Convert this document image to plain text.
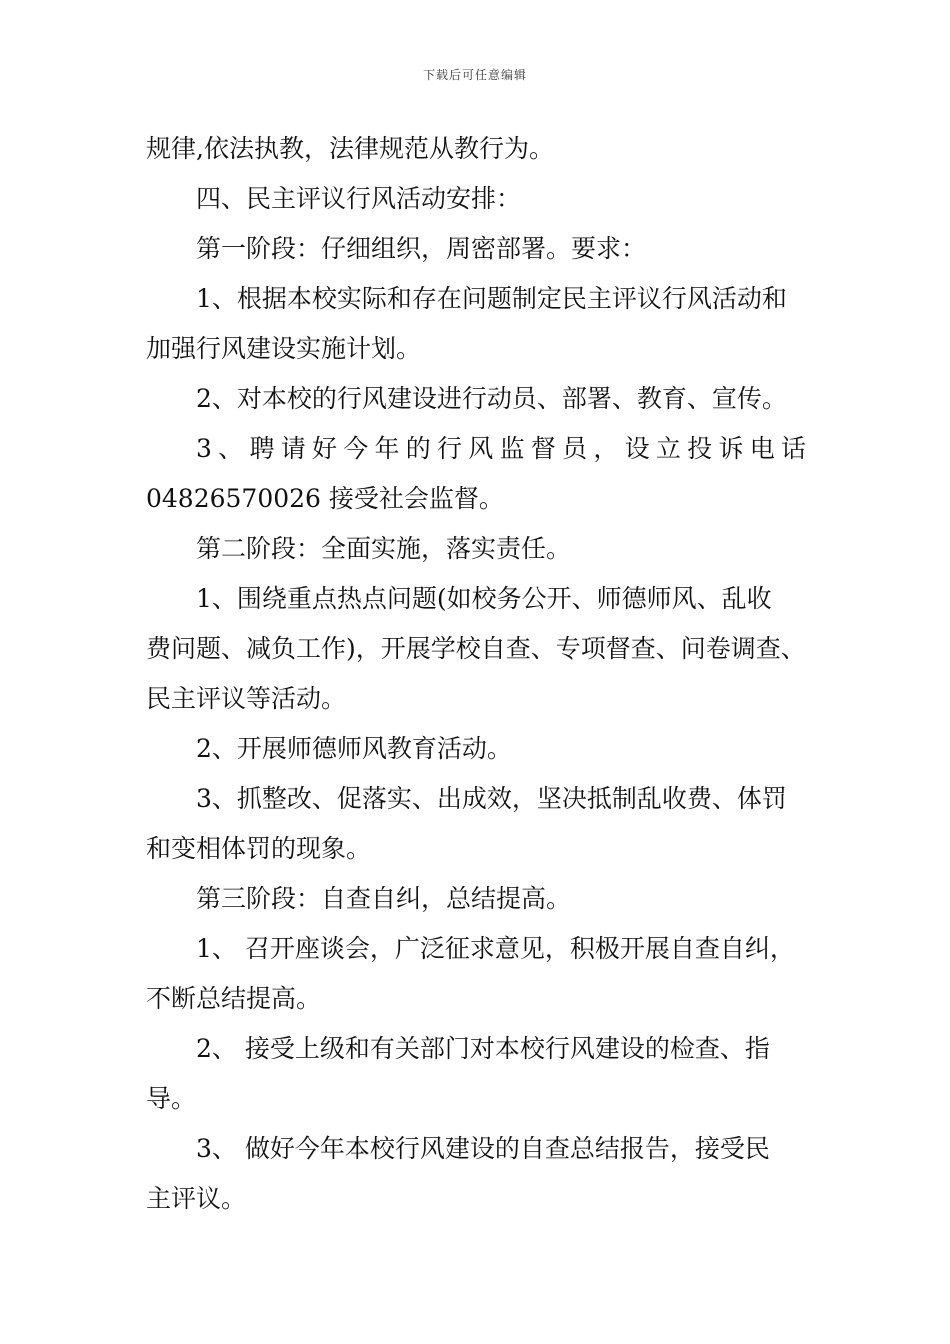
下载后可任意编辑
规律,依法执教，法律规范从教行为。
四、民主评议行风活动安排：
第一阶段：仔细组织，周密部署。要求：
1、根据本校实际和存在问题制定民主评议行风活动和
加强行风建设实施计划。
2、对本校的行风建设进行动员、部署、教育、宣传。
3、聘请好今年的行风监督员，设立投诉电话
04826570026 接受社会监督。
第二阶段：全面实施，落实责任。
1、围绕重点热点问题(如校务公开、师德师风、乱收
费问题、减负工作)，开展学校自查、专项督查、问卷调查、
民主评议等活动。
2、开展师德师风教育活动。
3、抓整改、促落实、出成效，坚决抵制乱收费、体罚
和变相体罚的现象。
第三阶段：自查自纠，总结提高。
1、 召开座谈会，广泛征求意见，积极开展自查自纠，
不断总结提高。
2、 接受上级和有关部门对本校行风建设的检查、指
导。
3、 做好今年本校行风建设的自查总结报告，接受民
主评议。
